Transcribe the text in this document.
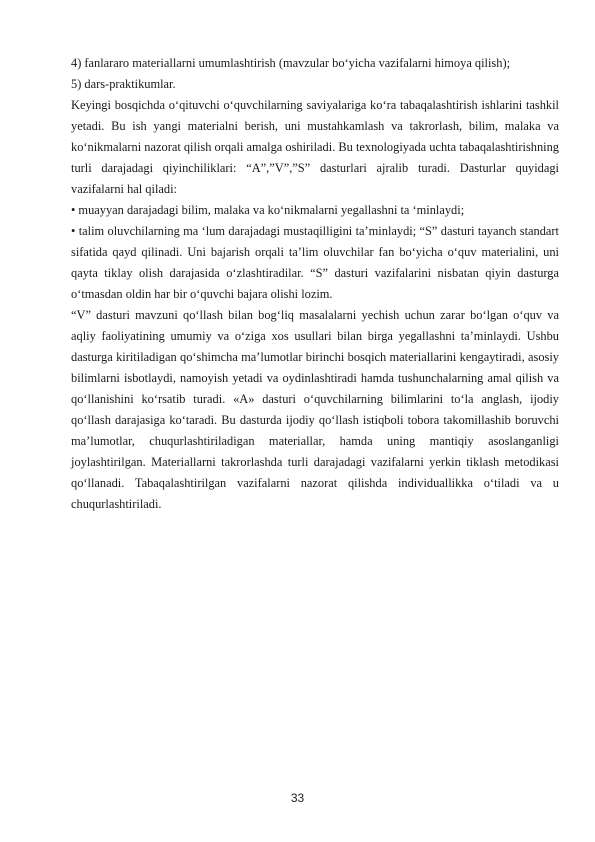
4) fanlararo materiallarni umumlashtirish (mavzular bo‘yicha vazifalarni himoya qilish);

5) dars-praktikumlar.

Keyingi bosqichda o‘qituvchi o‘quvchilarning saviyalariga ko‘ra tabaqalashtirish ishlarini tashkil yetadi. Bu ish yangi materialni berish, uni mustahkamlash va takrorlash, bilim, malaka va ko‘nikmalarni nazorat qilish orqali amalga oshiriladi. Bu texnologiyada uchta tabaqalashtirishning turli darajadagi qiyinchiliklari: “A”,”V”,”S” dasturlari ajralib turadi. Dasturlar quyidagi vazifalarni hal qiladi:

• muayyan darajadagi bilim, malaka va ko‘nikmalarni yegallashni ta ‘minlaydi;

• talim oluvchilarning ma ‘lum darajadagi mustaqilligini ta’minlaydi; “S” dasturi tayanch standart sifatida qayd qilinadi. Uni bajarish orqali ta’lim oluvchilar fan bo‘yicha o‘quv materialini, uni qayta tiklay olish darajasida o‘zlashtiradilar. “S” dasturi vazifalarini nisbatan qiyin dasturga o‘tmasdan oldin har bir o‘quvchi bajara olishi lozim.

“V” dasturi mavzuni qo‘llash bilan bog‘liq masalalarni yechish uchun zarar bo‘lgan o‘quv va aqliy faoliyatining umumiy va o‘ziga xos usullari bilan birga yegallashni ta’minlaydi. Ushbu dasturga kiritiladigan qo‘shimcha ma’lumotlar birinchi bosqich materiallarini kengaytiradi, asosiy bilimlarni isbotlaydi, namoyish yetadi va oydinlashtiradi hamda tushunchalarning amal qilish va qo‘llanishini ko‘rsatib turadi. «A» dasturi o‘quvchilarning bilimlarini to‘la anglash, ijodiy qo‘llash darajasiga ko‘taradi. Bu dasturda ijodiy qo‘llash istiqboli tobora takomillashib boruvchi ma’lumotlar, chuqurlashtiriladigan materiallar, hamda uning mantiqiy asoslanganligi joylashtirilgan. Materiallarni takrorlashda turli darajadagi vazifalarni yerkin tiklash metodikasi qo‘llanadi. Tabaqalashtirilgan vazifalarni nazorat qilishda individuallikka o‘tiladi va u chuqurlashtiriladi.

33
